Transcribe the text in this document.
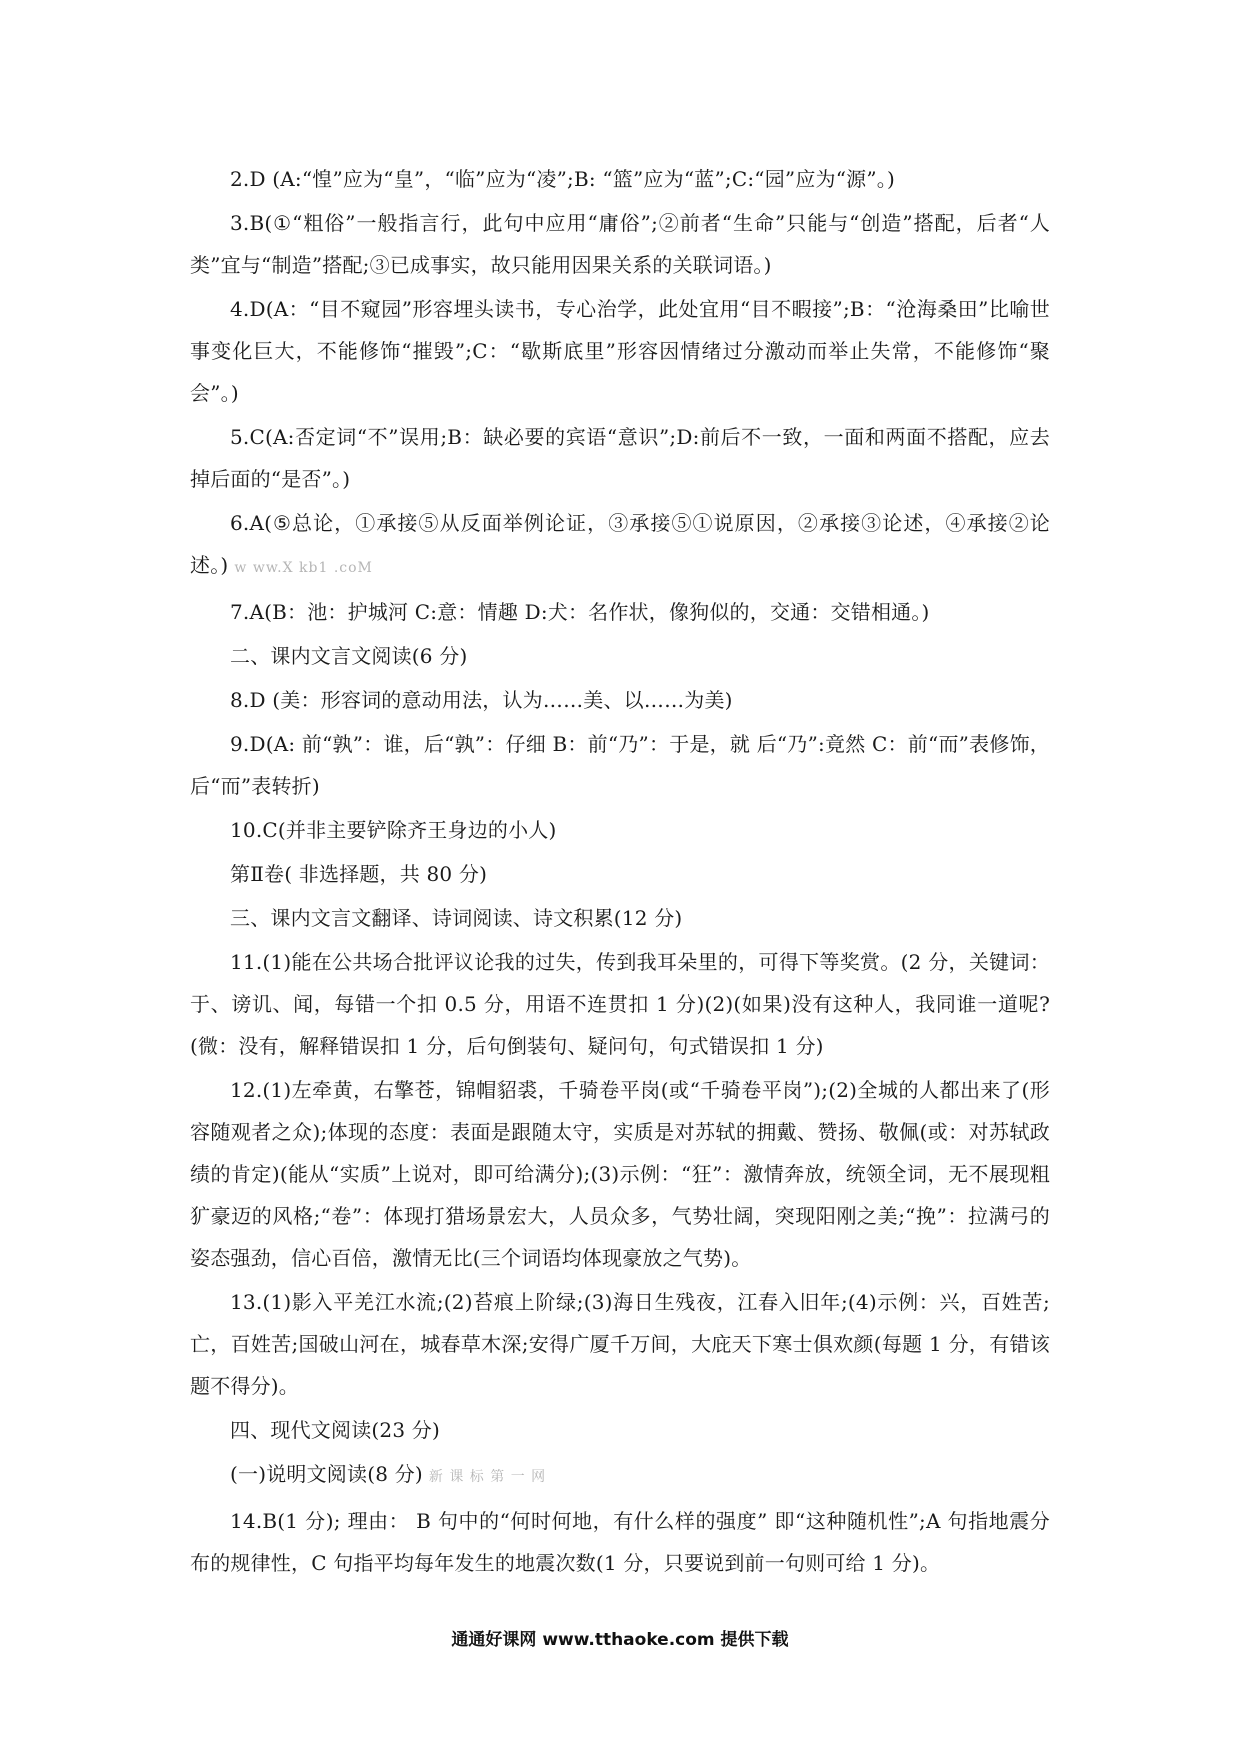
2.D (A:“惶”应为“皇”，“临”应为“凌”;B: “篮”应为“蓝”;C:“园”应为“源”。)

3.B(①“粗俗”一般指言行，此句中应用“庸俗”;②前者“生命”只能与“创造”搭配，后者“人类”宜与“制造”搭配;③已成事实，故只能用因果关系的关联词语。)

4.D(A：“目不窥园”形容埋头读书，专心治学，此处宜用“目不暇接”;B：“沧海桑田”比喻世事变化巨大，不能修饰“摧毁”;C：“歇斯底里”形容因情绪过分激动而举止失常，不能修饰“聚会”。)

5.C(A:否定词“不”误用;B：缺必要的宾语“意识”;D:前后不一致，一面和两面不搭配，应去掉后面的“是否”。)

6.A(⑤总论，①承接⑤从反面举例论证，③承接⑤①说原因，②承接③论述，④承接②论述。) w ww.X kb1 .coM

7.A(B：池：护城河 C:意：情趣 D:犬：名作状，像狗似的，交通：交错相通。)

二、课内文言文阅读(6 分)

8.D (美：形容词的意动用法，认为……美、以……为美)

9.D(A: 前“孰”：谁，后“孰”：仔细 B：前“乃”：于是，就 后“乃”:竟然 C：前“而”表修饰，后“而”表转折)

10.C(并非主要铲除齐王身边的小人)

第Ⅱ卷( 非选择题，共 80 分)

三、课内文言文翻译、诗词阅读、诗文积累(12 分)

11.(1)能在公共场合批评议论我的过失，传到我耳朵里的，可得下等奖赏。(2 分，关键词：于、谤讥、闻，每错一个扣 0.5 分，用语不连贯扣 1 分)(2)(如果)没有这种人，我同谁一道呢?(微：没有，解释错误扣 1 分，后句倒装句、疑问句，句式错误扣 1 分)

12.(1)左牵黄，右擎苍，锦帽貂裘，千骑卷平岗(或“千骑卷平岗”);(2)全城的人都出来了(形容随观者之众);体现的态度：表面是跟随太守，实质是对苏轼的拥戴、赞扬、敬佩(或：对苏轼政绩的肯定)(能从“实质”上说对，即可给满分);(3)示例：“狂”：激情奔放，统领全词，无不展现粗犷豪迈的风格;“卷”：体现打猎场景宏大，人员众多，气势壮阔，突现阳刚之美;“挽”：拉满弓的姿态强劲，信心百倍，激情无比(三个词语均体现豪放之气势)。

13.(1)影入平羌江水流;(2)苔痕上阶绿;(3)海日生残夜，江春入旧年;(4)示例：兴，百姓苦;亡，百姓苦;国破山河在，城春草木深;安得广厦千万间，大庇天下寒士俱欢颜(每题 1 分，有错该题不得分)。

四、现代文阅读(23 分)

(一)说明文阅读(8 分) 新 课 标 第 一 网

14.B(1 分); 理由： B 句中的“何时何地，有什么样的强度” 即“这种随机性”;A 句指地震分布的规律性，C 句指平均每年发生的地震次数(1 分，只要说到前一句则可给 1 分)。

通通好课网 www.tthaoke.com 提供下载
